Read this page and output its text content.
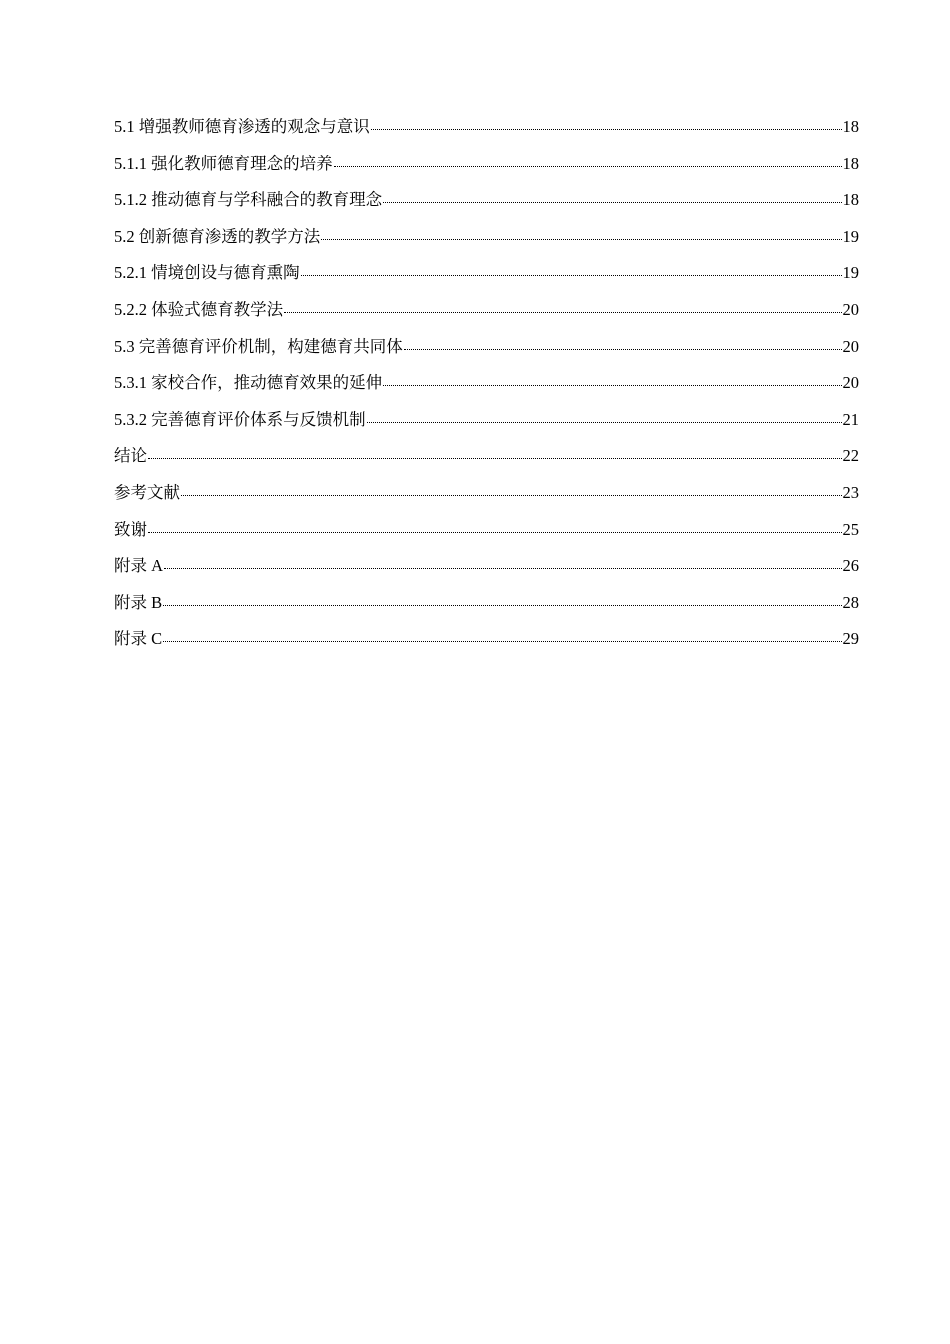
5.1 增强教师德育渗透的观念与意识	18
5.1.1 强化教师德育理念的培养	18
5.1.2 推动德育与学科融合的教育理念	18
5.2 创新德育渗透的教学方法	19
5.2.1 情境创设与德育熏陶	19
5.2.2 体验式德育教学法	20
5.3 完善德育评价机制，构建德育共同体	20
5.3.1 家校合作，推动德育效果的延伸	20
5.3.2 完善德育评价体系与反馈机制	21
结论	22
参考文献	23
致谢	25
附录 A	26
附录 B	28
附录 C	29
